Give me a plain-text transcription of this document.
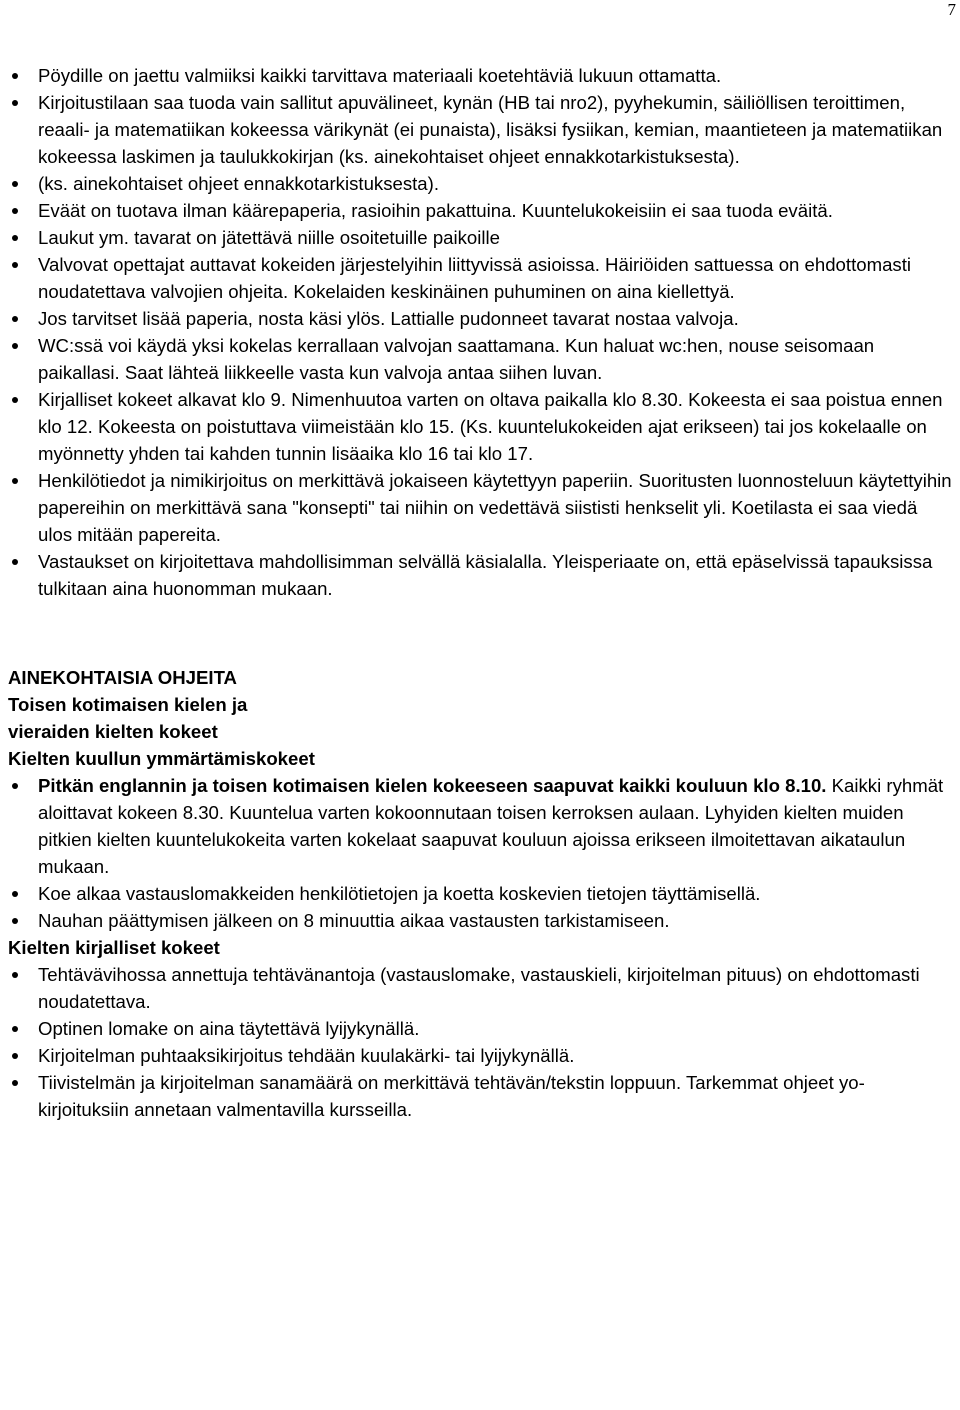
7
Pöydille on jaettu valmiiksi kaikki tarvittava materiaali koetehtäviä lukuun ottamatta.
Kirjoitustilaan saa tuoda vain sallitut apuvälineet, kynän (HB tai nro2), pyyhekumin, säiliöllisen teroittimen, reaali- ja matematiikan kokeessa värikynät (ei punaista), lisäksi fysiikan, kemian, maantieteen ja matematiikan kokeessa laskimen ja taulukkokirjan (ks. ainekohtaiset ohjeet ennakkotarkistuksesta).
(ks. ainekohtaiset ohjeet ennakkotarkistuksesta).
Eväät on tuotava ilman käärepaperia, rasioihin pakattuina. Kuuntelukokeisiin ei saa tuoda eväitä.
Laukut ym. tavarat on jätettävä niille osoitetuille paikoille
Valvovat opettajat auttavat kokeiden järjestelyihin liittyvissä asioissa. Häiriöiden sattuessa on ehdottomasti noudatettava valvojien ohjeita. Kokelaiden keskinäinen puhuminen on aina kiellettyä.
Jos tarvitset lisää paperia, nosta käsi ylös. Lattialle pudonneet tavarat nostaa valvoja.
WC:ssä voi käydä yksi kokelas kerrallaan valvojan saattamana. Kun haluat wc:hen, nouse seisomaan paikallasi. Saat lähteä liikkeelle vasta kun valvoja antaa siihen luvan.
Kirjalliset kokeet alkavat klo 9. Nimenhuutoa varten on oltava paikalla klo 8.30. Kokeesta ei saa poistua ennen klo 12. Kokeesta on poistuttava viimeistään klo 15. (Ks. kuuntelukokeiden ajat erikseen) tai jos kokelaalle on myönnetty yhden tai kahden tunnin lisäaika klo 16 tai klo 17.
Henkilötiedot ja nimikirjoitus on merkittävä jokaiseen käytettyyn paperiin. Suoritusten luonnosteluun käytettyihin papereihin on merkittävä sana "konsepti" tai niihin on vedettävä siististi henkselit yli. Koetilasta ei saa viedä ulos mitään papereita.
Vastaukset on kirjoitettava mahdollisimman selvällä käsialalla. Yleisperiaate on, että epäselvissä tapauksissa tulkitaan aina huonomman mukaan.
AINEKOHTAISIA OHJEITA
Toisen kotimaisen kielen ja
vieraiden kielten kokeet
Kielten kuullun ymmärtämiskokeet
Pitkän englannin ja toisen kotimaisen kielen kokeeseen saapuvat kaikki kouluun klo 8.10. Kaikki ryhmät aloittavat kokeen 8.30. Kuuntelua varten kokoonnutaan toisen kerroksen aulaan. Lyhyiden kielten muiden pitkien kielten kuuntelukokeita varten kokelaat saapuvat kouluun ajoissa erikseen ilmoitettavan aikataulun mukaan.
Koe alkaa vastauslomakkeiden henkilötietojen ja koetta koskevien tietojen täyttämisellä.
Nauhan päättymisen jälkeen on 8 minuuttia aikaa vastausten tarkistamiseen.
Kielten kirjalliset kokeet
Tehtävävihossa annettuja tehtävänantoja (vastauslomake, vastauskieli, kirjoitelman pituus) on ehdottomasti noudatettava.
Optinen lomake on aina täytettävä lyijykynällä.
Kirjoitelman puhtaaksikirjoitus tehdään kuulakärki- tai lyijykynällä.
Tiivistelmän ja kirjoitelman sanamäärä on merkittävä tehtävän/tekstin loppuun. Tarkemmat ohjeet yo-kirjoituksiin annetaan valmentavilla kursseilla.
